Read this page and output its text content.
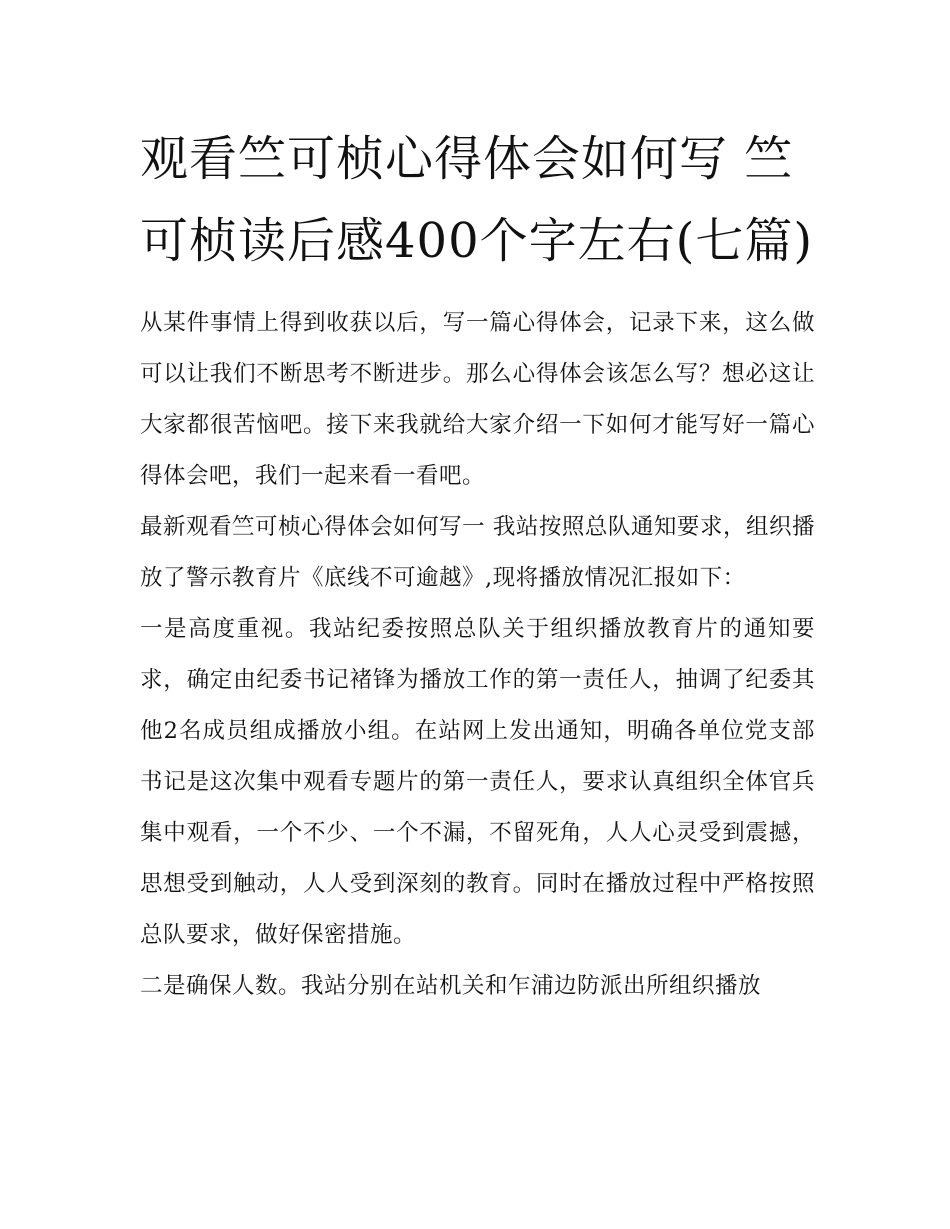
观看竺可桢心得体会如何写 竺可桢读后感400个字左右(七篇)

从某件事情上得到收获以后，写一篇心得体会，记录下来，这么做可以让我们不断思考不断进步。那么心得体会该怎么写？想必这让大家都很苦恼吧。接下来我就给大家介绍一下如何才能写好一篇心得体会吧，我们一起来看一看吧。

最新观看竺可桢心得体会如何写一 我站按照总队通知要求，组织播放了警示教育片《底线不可逾越》,现将播放情况汇报如下：

一是高度重视。我站纪委按照总队关于组织播放教育片的通知要求，确定由纪委书记褚锋为播放工作的第一责任人，抽调了纪委其他2名成员组成播放小组。在站网上发出通知，明确各单位党支部书记是这次集中观看专题片的第一责任人，要求认真组织全体官兵集中观看，一个不少、一个不漏，不留死角，人人心灵受到震撼，思想受到触动，人人受到深刻的教育。同时在播放过程中严格按照总队要求，做好保密措施。

二是确保人数。我站分别在站机关和乍浦边防派出所组织播放
